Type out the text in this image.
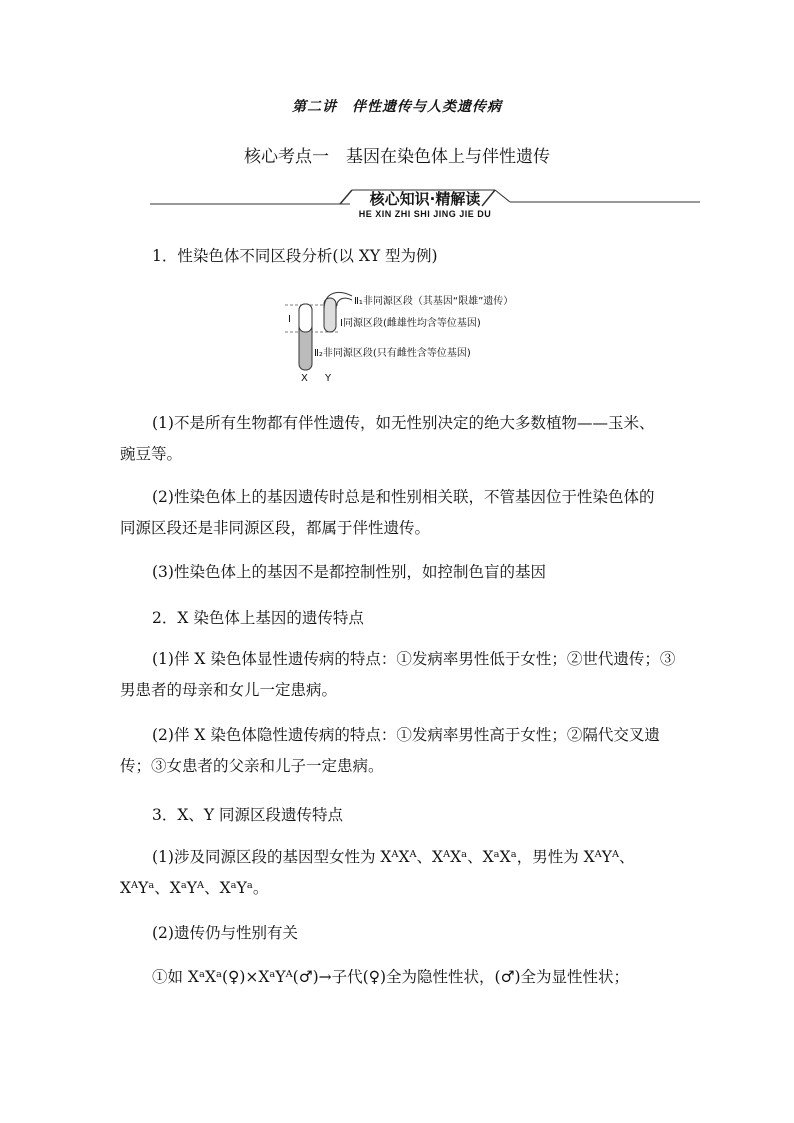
第二讲　伴性遗传与人类遗传病
核心考点一　基因在染色体上与伴性遗传
核心知识·精解读
HE XIN ZHI SHI JING JIE DU
1．性染色体不同区段分析(以 XY 型为例)
Ⅱ₁非同源区段（其基因“限雄”遗传）
Ⅰ同源区段(雌雄性均含等位基因)
Ⅰ
Ⅱ₂非同源区段(只有雌性含等位基因)
X Y
(1)不是所有生物都有伴性遗传，如无性别决定的绝大多数植物——玉米、
豌豆等。
(2)性染色体上的基因遗传时总是和性别相关联，不管基因位于性染色体的
同源区段还是非同源区段，都属于伴性遗传。
(3)性染色体上的基因不是都控制性别，如控制色盲的基因
2．X 染色体上基因的遗传特点
(1)伴 X 染色体显性遗传病的特点：①发病率男性低于女性；②世代遗传；③
男患者的母亲和女儿一定患病。
(2)伴 X 染色体隐性遗传病的特点：①发病率男性高于女性；②隔代交叉遗
传；③女患者的父亲和儿子一定患病。
3．X、Y 同源区段遗传特点
(1)涉及同源区段的基因型女性为 XᴬXᴬ、XᴬXᵃ、XᵃXᵃ，男性为 XᴬYᴬ、
XᴬYᵃ、XᵃYᴬ、XᵃYᵃ。
(2)遗传仍与性别有关
①如 XᵃXᵃ(♀)×XᵃYᴬ(♂)→子代(♀)全为隐性性状，(♂)全为显性性状；
